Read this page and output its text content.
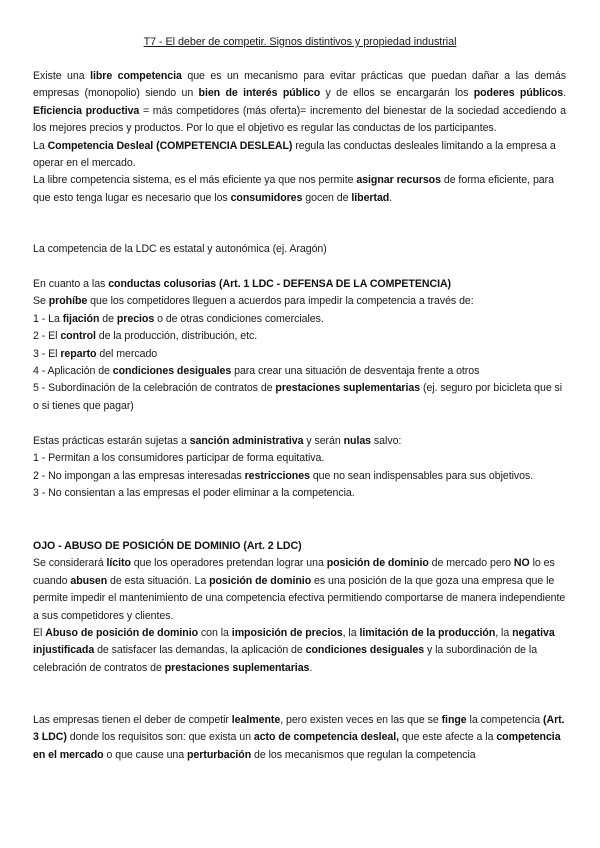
T7 - El deber de competir. Signos distintivos y propiedad industrial

Existe una libre competencia que es un mecanismo para evitar prácticas que puedan dañar a las demás empresas (monopolio) siendo un bien de interés público y de ellos se encargarán los poderes públicos. Eficiencia productiva = más competidores (más oferta)= incremento del bienestar de la sociedad accediendo a los mejores precios y productos. Por lo que el objetivo es regular las conductas de los participantes.

La Competencia Desleal (COMPETENCIA DESLEAL) regula las conductas desleales limitando a la empresa a operar en el mercado.

La libre competencia sistema, es el más eficiente ya que nos permite asignar recursos de forma eficiente, para que esto tenga lugar es necesario que los consumidores gocen de libertad.

La competencia de la LDC es estatal y autonómica (ej. Aragón)

En cuanto a las conductas colusorias (Art. 1 LDC - DEFENSA DE LA COMPETENCIA)

Se prohíbe que los competidores lleguen a acuerdos para impedir la competencia a través de:

1 - La fijación de precios o de otras condiciones comerciales.

2 - El control de la producción, distribución, etc.

3 - El reparto del mercado

4 - Aplicación de condiciones desiguales para crear una situación de desventaja frente a otros

5 - Subordinación de la celebración de contratos de prestaciones suplementarias (ej. seguro por bicicleta que si o si tienes que pagar)

Estas prácticas estarán sujetas a sanción administrativa y serán nulas salvo:

1 - Permitan a los consumidores participar de forma equitativa.

2 - No impongan a las empresas interesadas restricciones que no sean indispensables para sus objetivos.

3 - No consientan a las empresas el poder eliminar a la competencia.

OJO - ABUSO DE POSICIÓN DE DOMINIO (Art. 2 LDC)

Se considerará lícito que los operadores pretendan lograr una posición de dominio de mercado pero NO lo es cuando abusen de esta situación. La posición de dominio es una posición de la que goza una empresa que le permite impedir el mantenimiento de una competencia efectiva permitiendo comportarse de manera independiente a sus competidores y clientes.

El Abuso de posición de dominio con la imposición de precios, la limitación de la producción, la negativa injustificada de satisfacer las demandas, la aplicación de condiciones desiguales y la subordinación de la celebración de contratos de prestaciones suplementarias.

Las empresas tienen el deber de competir lealmente, pero existen veces en las que se finge la competencia (Art. 3 LDC) donde los requisitos son: que exista un acto de competencia desleal, que este afecte a la competencia en el mercado o que cause una perturbación de los mecanismos que regulan la competencia
